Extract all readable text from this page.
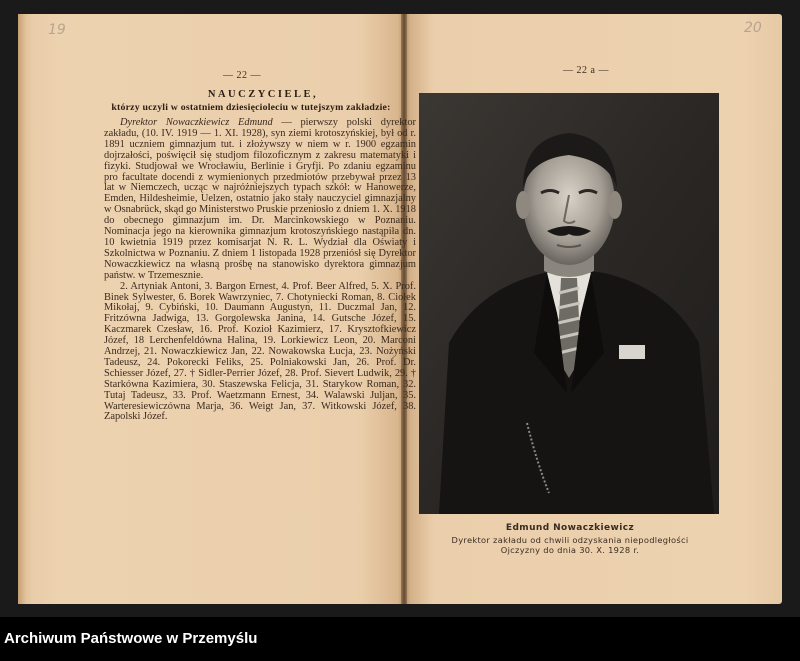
19	20
— 22 —	— 22 a —
NAUCZYCIELE,
którzy uczyli w ostatniem dziesięcioleciu w tutejszym zakładzie:

Dyrektor Nowaczkiewicz Edmund — pierwszy polski dyrektor zakładu, (10. IV. 1919 — 1. XI. 1928), syn ziemi krotoszyńskiej, był od r. 1891 uczniem gimnazjum tut. i złożywszy w niem w r. 1900 egzamin dojrzałości, poświęcił się studjom filozoficznym z zakresu matematyki i fizyki. Studjował we Wrocławiu, Berlinie i Gryfji. Po zdaniu egzaminu pro facultate docendi z wymienionych przedmiotów przebywał przez 13 lat w Niemczech, ucząc w najróżniejszych typach szkół: w Hanowerze, Emden, Hildesheimie, Uelzen, ostatnio jako stały nauczyciel gimnazjalny w Osnabrück, skąd go Ministerstwo Pruskie przeniosło z dniem 1. X. 1918 do obecnego gimnazjum im. Dr. Marcinkowskiego w Poznaniu. Nominacja jego na kierownika gimnazjum krotoszyńskiego nastąpiła dn. 10 kwietnia 1919 przez komisarjat N. R. L. Wydział dla Oświaty i Szkolnictwa w Poznaniu. Z dniem 1 listopada 1928 przeniósł się Dyrektor Nowaczkiewicz na własną prośbę na stanowisko dyrektora gimnazjum państw. w Trzemesznie.

2. Artyniak Antoni, 3. Bargon Ernest, 4. Prof. Beer Alfred, 5. X. Prof. Binek Sylwester, 6. Borek Wawrzyniec, 7. Chotyniecki Roman, 8. Ciołek Mikołaj, 9. Cybiński, 10. Daumann Augustyn, 11. Duczmal Jan, 12. Fritzówna Jadwiga, 13. Gorgolewska Janina, 14. Gutsche Józef, 15. Kaczmarek Czesław, 16. Prof. Kozioł Kazimierz, 17. Krysztofkiewicz Józef, 18 Lerchenfeldówna Halina, 19. Lorkiewicz Leon, 20. Marconi Andrzej, 21. Nowaczkiewicz Jan, 22. Nowakowska Łucja, 23. Nożyński Tadeusz, 24. Pokorecki Feliks, 25. Polniakowski Jan, 26. Prof. Dr. Schiesser Józef, 27. † Sidler-Perrier Józef, 28. Prof. Sievert Ludwik, 29. † Starkówna Kazimiera, 30. Staszewska Felicja, 31. Starykow Roman, 32. Tutaj Tadeusz, 33. Prof. Waetzmann Ernest, 34. Walawski Juljan, 35. Warteresiewiczówna Marja, 36. Weigt Jan, 37. Witkowski Józef, 38. Zapolski Józef.

Edmund Nowaczkiewicz
Dyrektor zakładu od chwili odzyskania niepodległości
Ojczyzny do dnia 30. X. 1928 r.
Archiwum Państwowe w Przemyślu
